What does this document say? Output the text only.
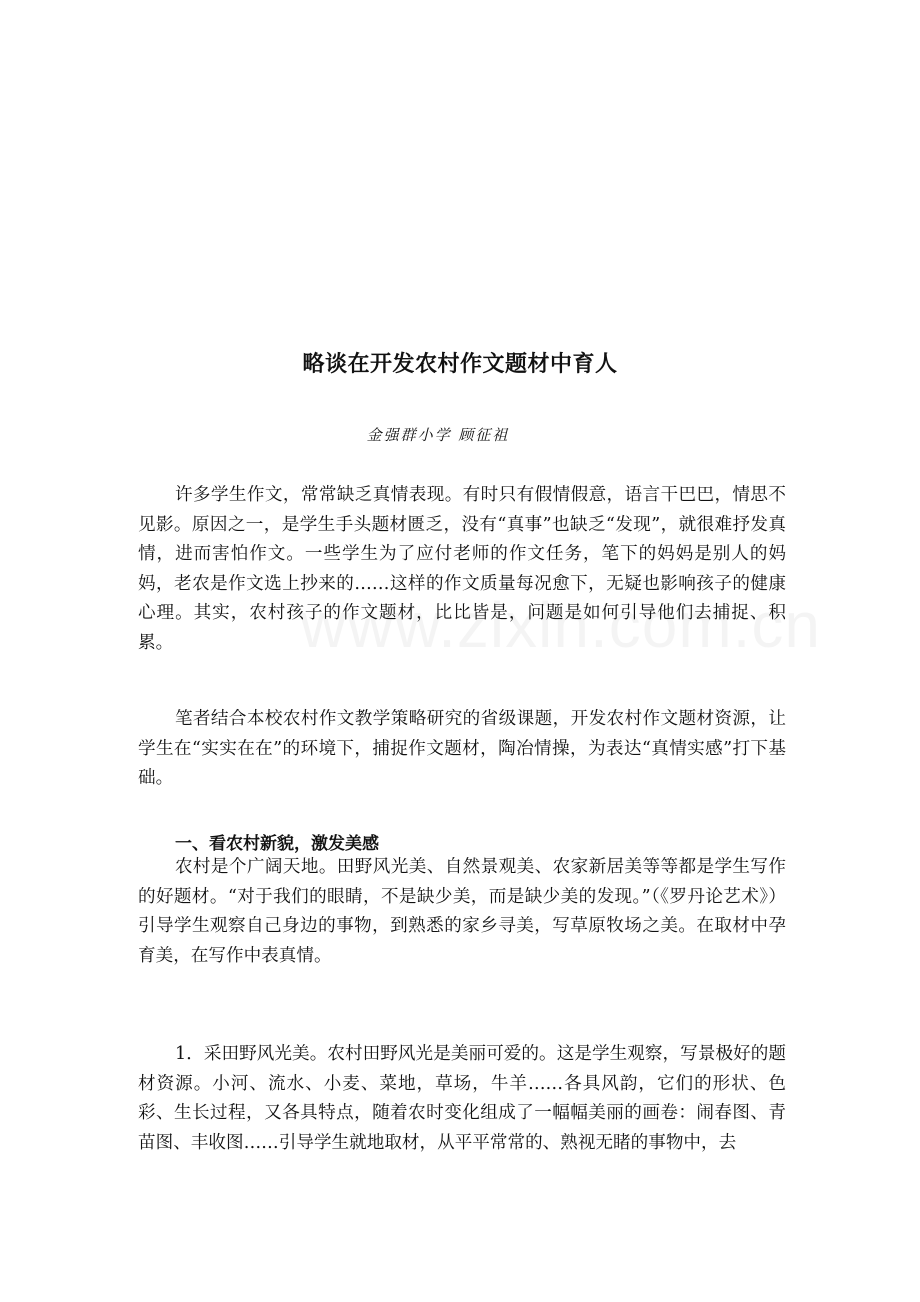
略谈在开发农村作文题材中育人
金强群小学 顾征祖

许多学生作文，常常缺乏真情表现。有时只有假情假意，语言干巴巴，情思不见影。原因之一，是学生手头题材匮乏，没有“真事”也缺乏“发现”，就很难抒发真情，进而害怕作文。一些学生为了应付老师的作文任务，笔下的妈妈是别人的妈妈，老农是作文选上抄来的……这样的作文质量每况愈下，无疑也影响孩子的健康心理。其实，农村孩子的作文题材，比比皆是，问题是如何引导他们去捕捉、积累。

笔者结合本校农村作文教学策略研究的省级课题，开发农村作文题材资源，让学生在“实实在在”的环境下，捕捉作文题材，陶冶情操，为表达“真情实感”打下基础。

一、看农村新貌，激发美感

农村是个广阔天地。田野风光美、自然景观美、农家新居美等等都是学生写作的好题材。“对于我们的眼睛，不是缺少美，而是缺少美的发现。”（《罗丹论艺术》）引导学生观察自己身边的事物，到熟悉的家乡寻美，写草原牧场之美。在取材中孕育美，在写作中表真情。

1．采田野风光美。农村田野风光是美丽可爱的。这是学生观察，写景极好的题材资源。小河、流水、小麦、菜地，草场，牛羊……各具风韵，它们的形状、色彩、生长过程，又各具特点，随着农时变化组成了一幅幅美丽的画卷：闹春图、青苗图、丰收图……引导学生就地取材，从平平常常的、熟视无睹的事物中，去
